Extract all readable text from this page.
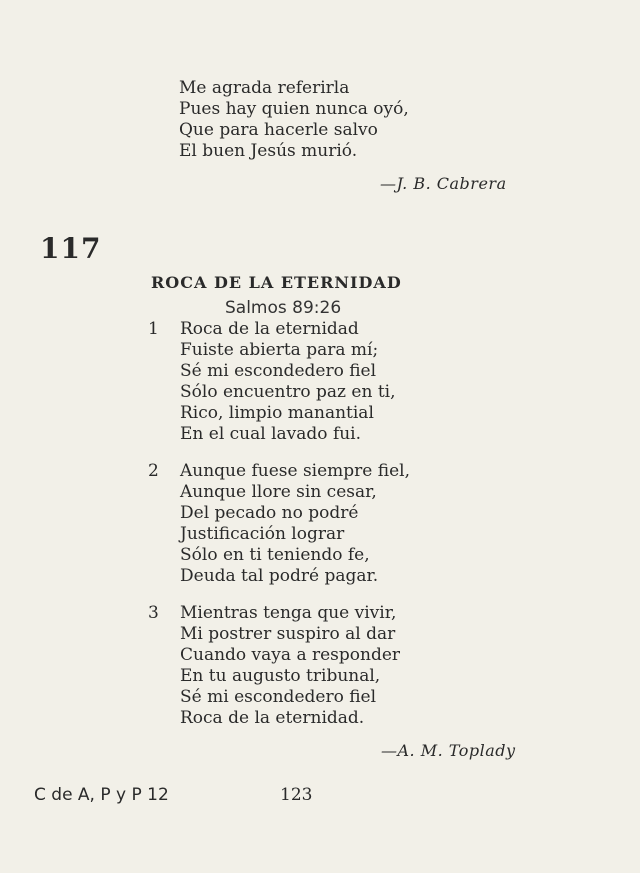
Me agrada referirla
Pues hay quien nunca oyó,
Que para hacerle salvo
El buen Jesús murió.
—J. B. Cabrera
117
ROCA DE LA ETERNIDAD
Salmos 89:26
1 Roca de la eternidad
Fuiste abierta para mí;
Sé mi escondedero fiel
Sólo encuentro paz en ti,
Rico, limpio manantial
En el cual lavado fui.
2 Aunque fuese siempre fiel,
Aunque llore sin cesar,
Del pecado no podré
Justificación lograr
Sólo en ti teniendo fe,
Deuda tal podré pagar.
3 Mientras tenga que vivir,
Mi postrer suspiro al dar
Cuando vaya a responder
En tu augusto tribunal,
Sé mi escondedero fiel
Roca de la eternidad.
—A. M. Toplady
C de A, P y P 12	123
